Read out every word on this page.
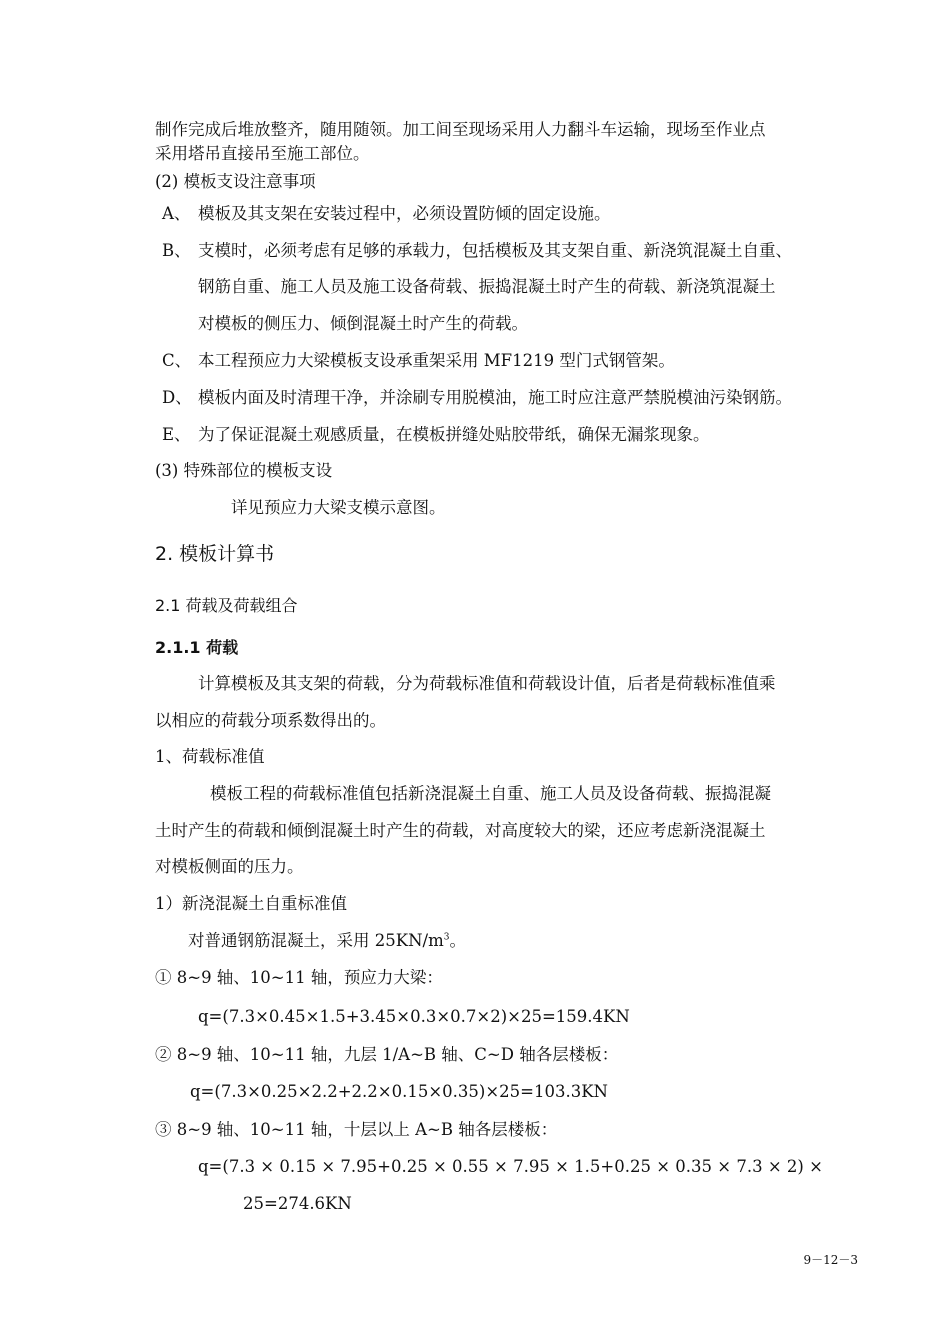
制作完成后堆放整齐，随用随领。加工间至现场采用人力翻斗车运输，现场至作业点
采用塔吊直接吊至施工部位。
(2) 模板支设注意事项
A、 模板及其支架在安装过程中，必须设置防倾的固定设施。
B、 支模时，必须考虑有足够的承载力，包括模板及其支架自重、新浇筑混凝土自重、
钢筋自重、施工人员及施工设备荷载、振捣混凝土时产生的荷载、新浇筑混凝土
对模板的侧压力、倾倒混凝土时产生的荷载。
C、 本工程预应力大梁模板支设承重架采用 MF1219 型门式钢管架。
D、 模板内面及时清理干净，并涂刷专用脱模油，施工时应注意严禁脱模油污染钢筋。
E、 为了保证混凝土观感质量，在模板拼缝处贴胶带纸，确保无漏浆现象。
(3) 特殊部位的模板支设
详见预应力大梁支模示意图。
2. 模板计算书
2.1 荷载及荷载组合
2.1.1 荷载
计算模板及其支架的荷载，分为荷载标准值和荷载设计值，后者是荷载标准值乘
以相应的荷载分项系数得出的。
1、荷载标准值
模板工程的荷载标准值包括新浇混凝土自重、施工人员及设备荷载、振捣混凝
土时产生的荷载和倾倒混凝土时产生的荷载，对高度较大的梁，还应考虑新浇混凝土
对模板侧面的压力。
1）新浇混凝土自重标准值
对普通钢筋混凝土，采用 $25KN/m^3$。
① 8~9 轴、10~11 轴，预应力大梁：
q=(7.3×0.45×1.5+3.45×0.3×0.7×2)×25=159.4KN
② 8~9 轴、10~11 轴，九层 1/A~B 轴、C~D 轴各层楼板：
q=(7.3×0.25×2.2+2.2×0.15×0.35)×25=103.3KN
③ 8~9 轴、10~11 轴，十层以上 A~B 轴各层楼板：
q=(7.3 × 0.15 × 7.95+0.25 × 0.55 × 7.95 × 1.5+0.25 × 0.35 × 7.3 × 2) ×
25=274.6KN
9－12－3
